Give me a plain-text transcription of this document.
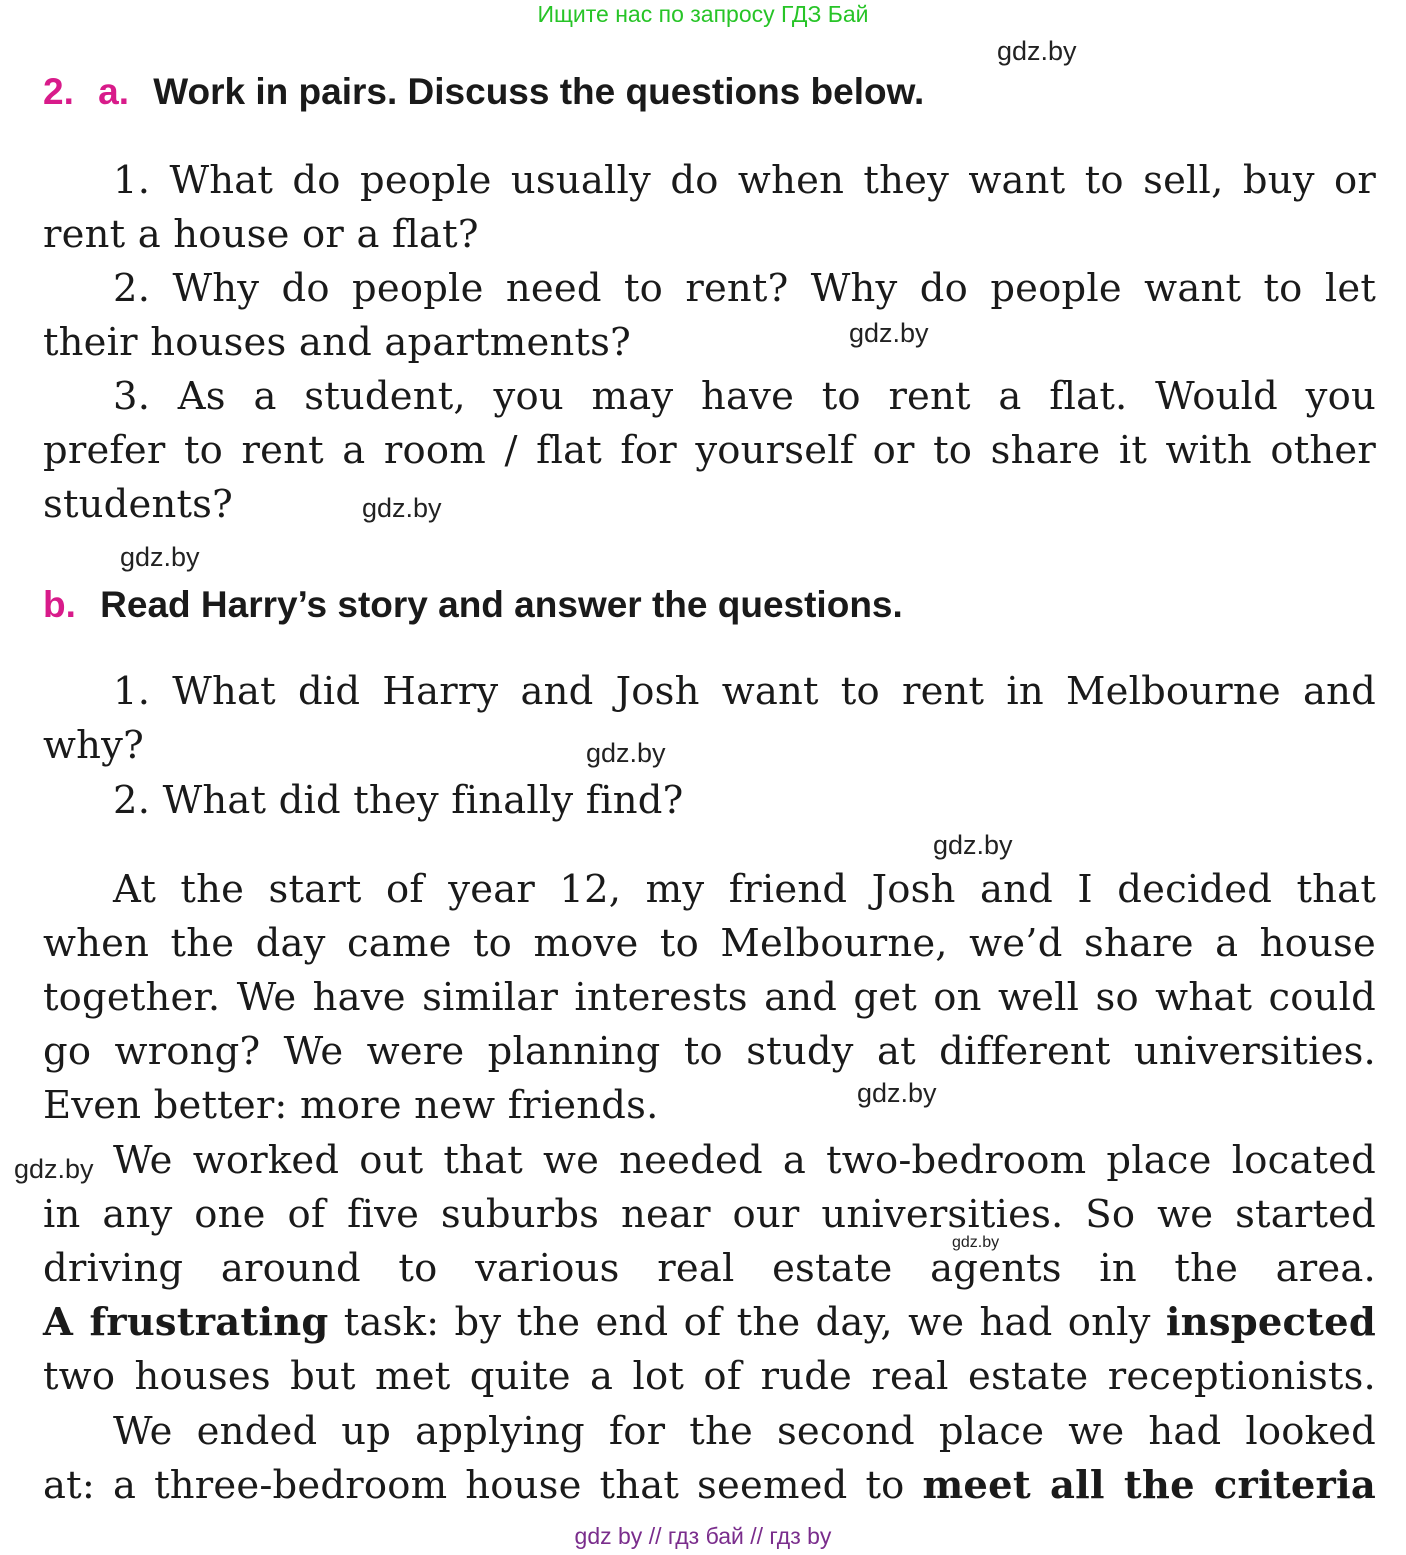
Ищите нас по запросу ГДЗ Бай
gdz.by
gdz.by
gdz.by
gdz.by
gdz.by
gdz.by
gdz.by
gdz.by
gdz.by
2. a. Work in pairs. Discuss the questions below.
1. What do people usually do when they want to sell, buy or
rent a house or a flat?
2. Why do people need to rent? Why do people want to let
their houses and apartments?
3. As a student, you may have to rent a flat. Would you
prefer to rent a room / flat for yourself or to share it with other
students?
b. Read Harry’s story and answer the questions.
1. What did Harry and Josh want to rent in Melbourne and
why?
2. What did they finally find?
At the start of year 12, my friend Josh and I decided that
when the day came to move to Melbourne, we’d share a house
together. We have similar interests and get on well so what could
go wrong? We were planning to study at different universities.
Even better: more new friends.
We worked out that we needed a two-bedroom place located
in any one of five suburbs near our universities. So we started
driving around to various real estate agents in the area.
A frustrating task: by the end of the day, we had only inspected
two houses but met quite a lot of rude real estate receptionists.
We ended up applying for the second place we had looked
at: a three-bedroom house that seemed to meet all the criteria
gdz by // гдз бай // гдз by
